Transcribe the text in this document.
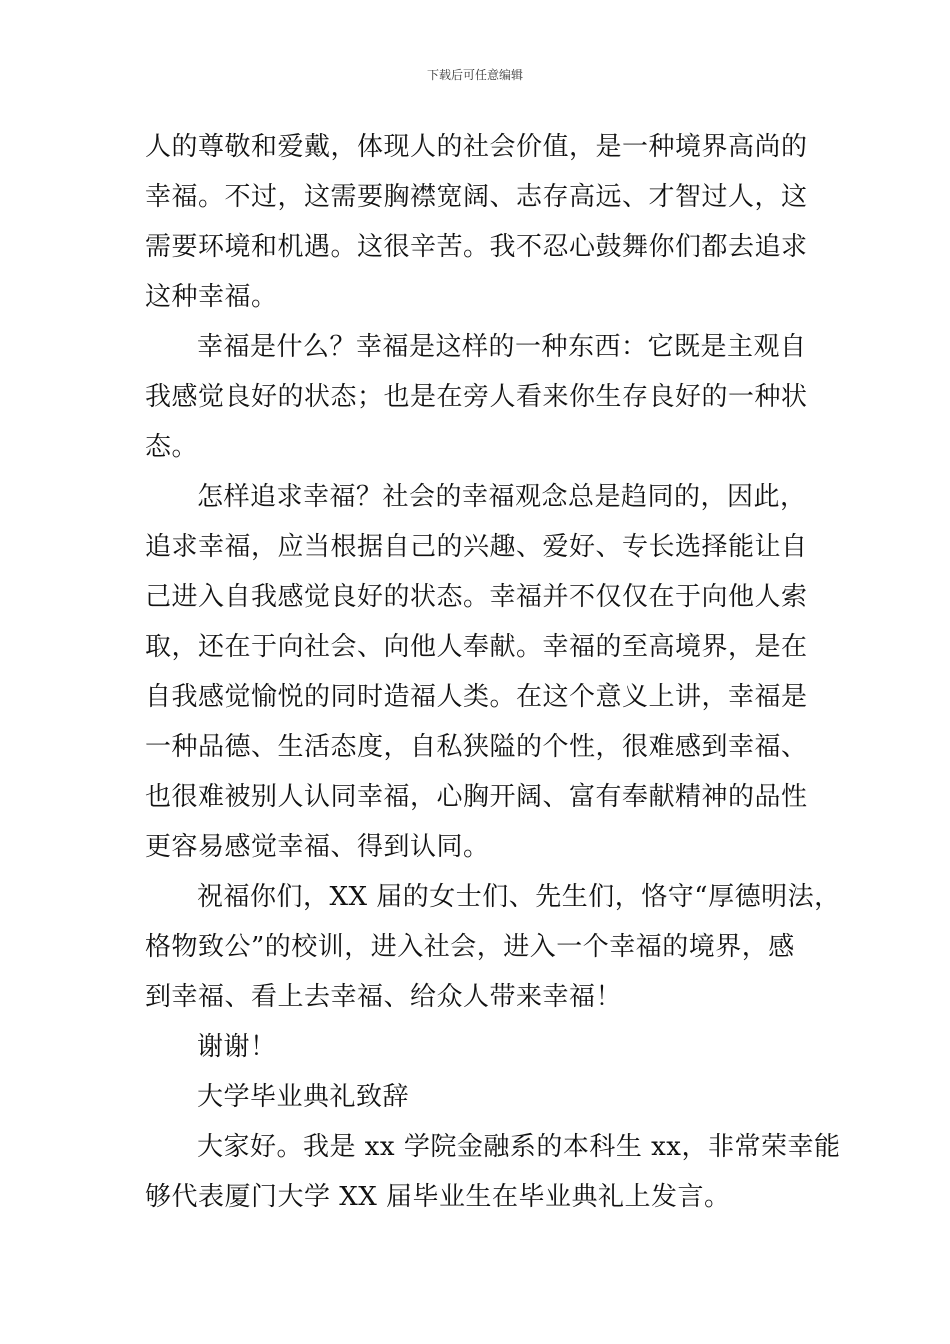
下载后可任意编辑
人的尊敬和爱戴，体现人的社会价值，是一种境界高尚的
幸福。不过，这需要胸襟宽阔、志存高远、才智过人，这
需要环境和机遇。这很辛苦。我不忍心鼓舞你们都去追求
这种幸福。
幸福是什么？幸福是这样的一种东西：它既是主观自
我感觉良好的状态；也是在旁人看来你生存良好的一种状
态。
怎样追求幸福？社会的幸福观念总是趋同的，因此，
追求幸福，应当根据自己的兴趣、爱好、专长选择能让自
己进入自我感觉良好的状态。幸福并不仅仅在于向他人索
取，还在于向社会、向他人奉献。幸福的至高境界，是在
自我感觉愉悦的同时造福人类。在这个意义上讲，幸福是
一种品德、生活态度，自私狭隘的个性，很难感到幸福、
也很难被别人认同幸福，心胸开阔、富有奉献精神的品性
更容易感觉幸福、得到认同。
祝福你们，XX 届的女士们、先生们，恪守“厚德明法，
格物致公”的校训，进入社会，进入一个幸福的境界，感
到幸福、看上去幸福、给众人带来幸福！
谢谢！
大学毕业典礼致辞
大家好。我是 xx 学院金融系的本科生 xx，非常荣幸能
够代表厦门大学 XX 届毕业生在毕业典礼上发言。
